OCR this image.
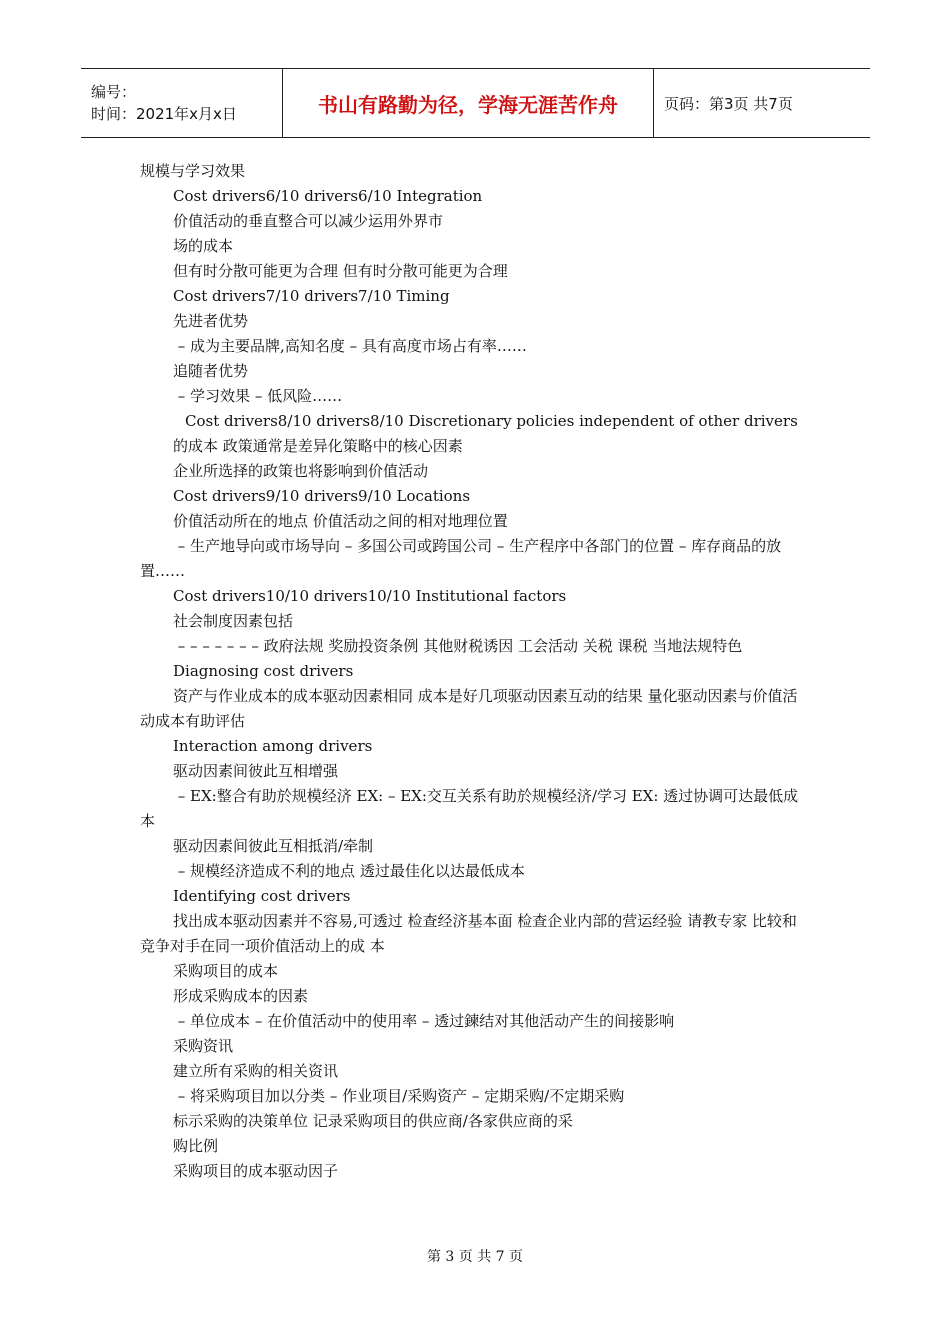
编号：
时间：2021年x月x日	书山有路勤为径，学海无涯苦作舟	页码：第3页 共7页

规模与学习效果

Cost drivers6/10 drivers6/10 Integration

价值活动的垂直整合可以减少运用外界市

场的成本

但有时分散可能更为合理 但有时分散可能更为合理

Cost drivers7/10 drivers7/10 Timing

先进者优势

– 成为主要品牌,高知名度 – 具有高度市场占有率……

追随者优势

– 学习效果 – 低风险……

Cost drivers8/10 drivers8/10 Discretionary policies independent of other drivers

的成本 政策通常是差异化策略中的核心因素

企业所选择的政策也将影响到价值活动

Cost drivers9/10 drivers9/10 Locations

价值活动所在的地点 价值活动之间的相对地理位置

– 生产地导向或市场导向 – 多国公司或跨国公司 – 生产程序中各部门的位置 – 库存商品的放置……

Cost drivers10/10 drivers10/10 Institutional factors

社会制度因素包括

– – – – – – – 政府法规 奖励投资条例 其他财税诱因 工会活动 关税 课税 当地法规特色

Diagnosing cost drivers

资产与作业成本的成本驱动因素相同 成本是好几项驱动因素互动的结果 量化驱动因素与价值活动成本有助评估

Interaction among drivers

驱动因素间彼此互相增强

– EX:整合有助於规模经济 EX: – EX:交互关系有助於规模经济/学习 EX: 透过协调可达最低成本

驱动因素间彼此互相抵消/牵制

– 规模经济造成不利的地点 透过最佳化以达最低成本

Identifying cost drivers

找出成本驱动因素并不容易,可透过 检查经济基本面 检查企业内部的营运经验 请教专家 比较和竞争对手在同一项价值活动上的成 本

采购项目的成本

形成采购成本的因素

– 单位成本 – 在价值活动中的使用率 – 透过鍊结对其他活动产生的间接影响

采购资讯

建立所有采购的相关资讯

– 将采购项目加以分类 – 作业项目/采购资产 – 定期采购/不定期采购

标示采购的决策单位 记录采购项目的供应商/各家供应商的采

购比例

采购项目的成本驱动因子

第 3 页 共 7 页
